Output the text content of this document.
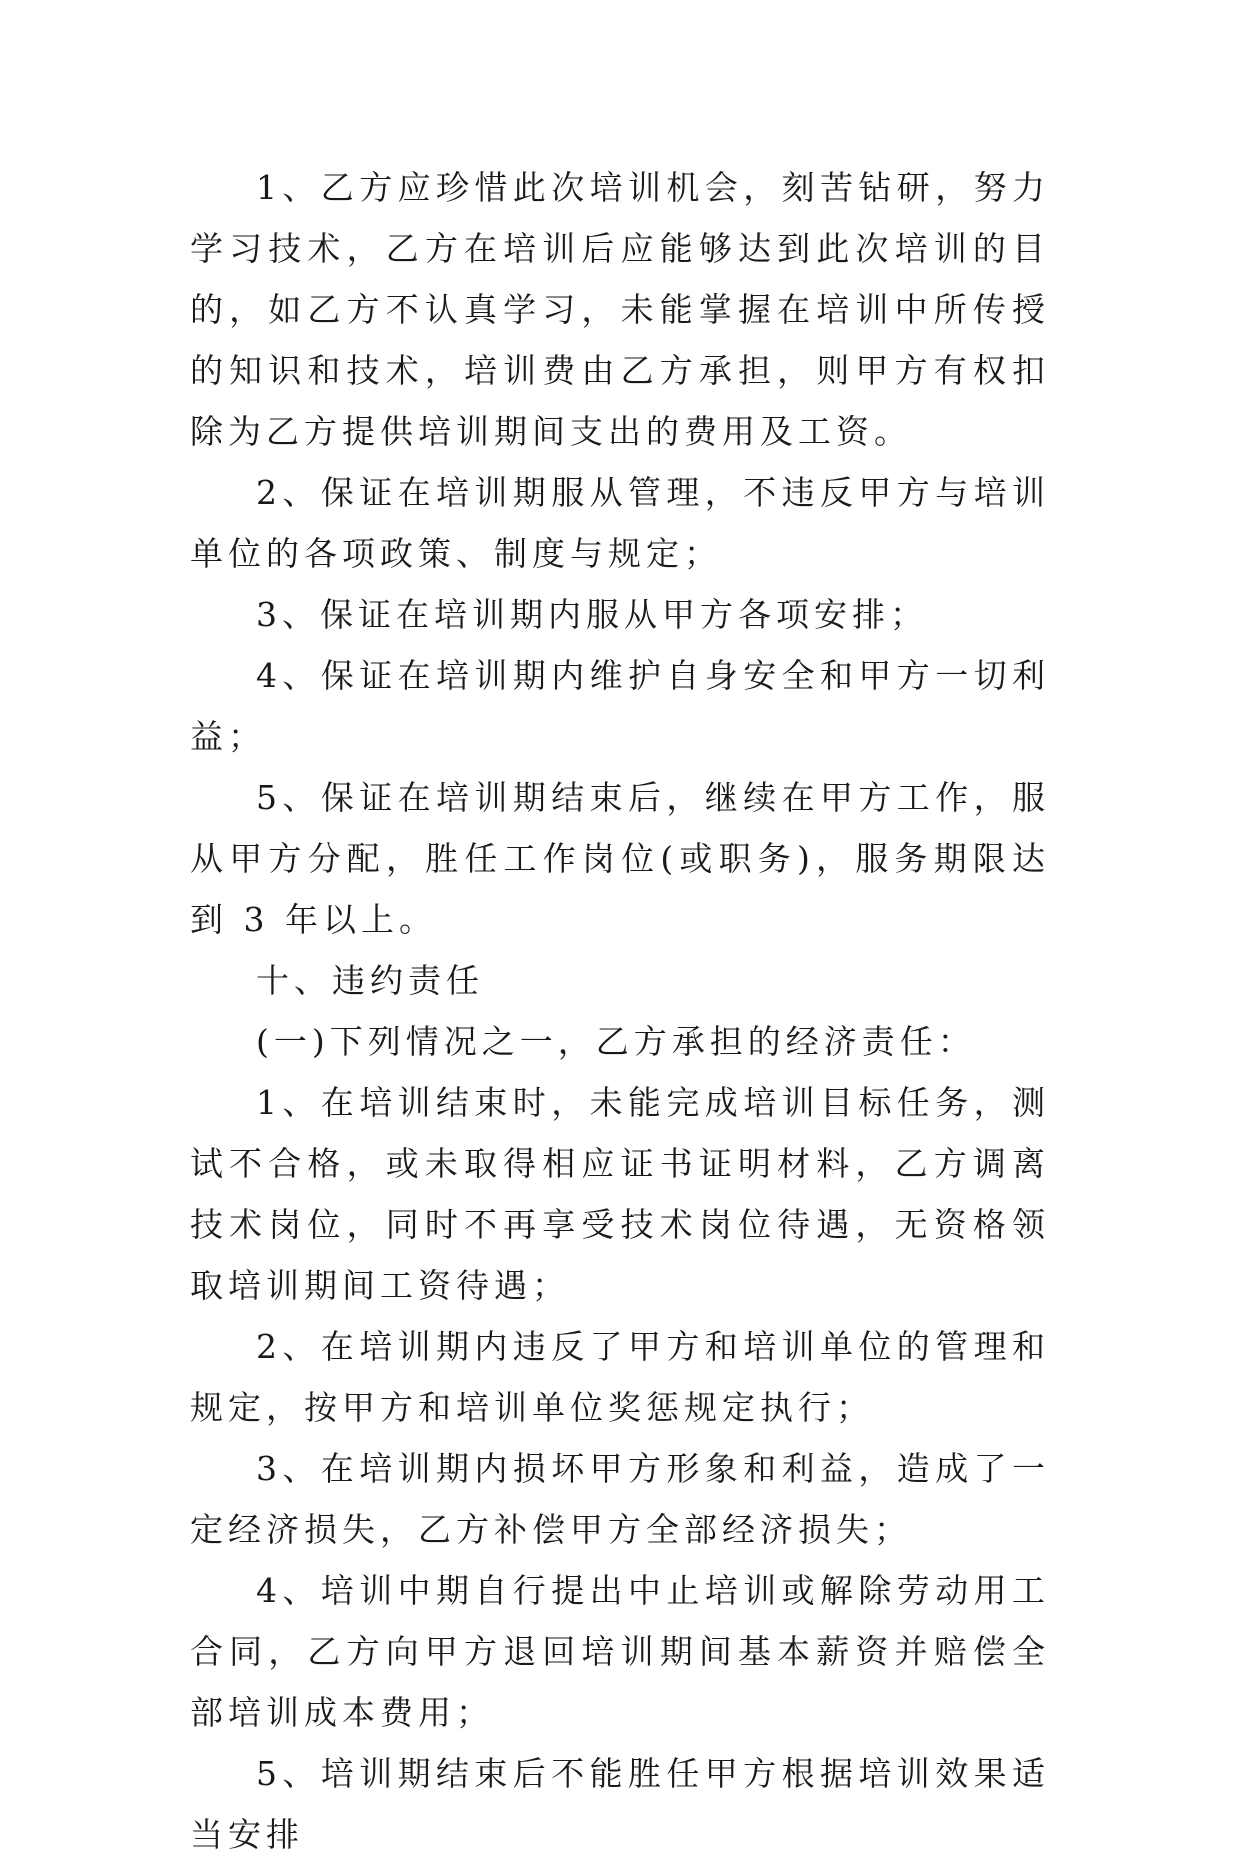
1、乙方应珍惜此次培训机会，刻苦钻研，努力学习技术，乙方在培训后应能够达到此次培训的目的，如乙方不认真学习，未能掌握在培训中所传授的知识和技术，培训费由乙方承担，则甲方有权扣除为乙方提供培训期间支出的费用及工资。

2、保证在培训期服从管理，不违反甲方与培训单位的各项政策、制度与规定；

3、保证在培训期内服从甲方各项安排；

4、保证在培训期内维护自身安全和甲方一切利益；

5、保证在培训期结束后，继续在甲方工作，服从甲方分配，胜任工作岗位(或职务)，服务期限达到 3 年以上。

十、违约责任

(一)下列情况之一，乙方承担的经济责任：

1、在培训结束时，未能完成培训目标任务，测试不合格，或未取得相应证书证明材料，乙方调离技术岗位，同时不再享受技术岗位待遇，无资格领取培训期间工资待遇；

2、在培训期内违反了甲方和培训单位的管理和规定，按甲方和培训单位奖惩规定执行；

3、在培训期内损坏甲方形象和利益，造成了一定经济损失，乙方补偿甲方全部经济损失；

4、培训中期自行提出中止培训或解除劳动用工合同，乙方向甲方退回培训期间基本薪资并赔偿全部培训成本费用；

5、培训期结束后不能胜任甲方根据培训效果适当安排
